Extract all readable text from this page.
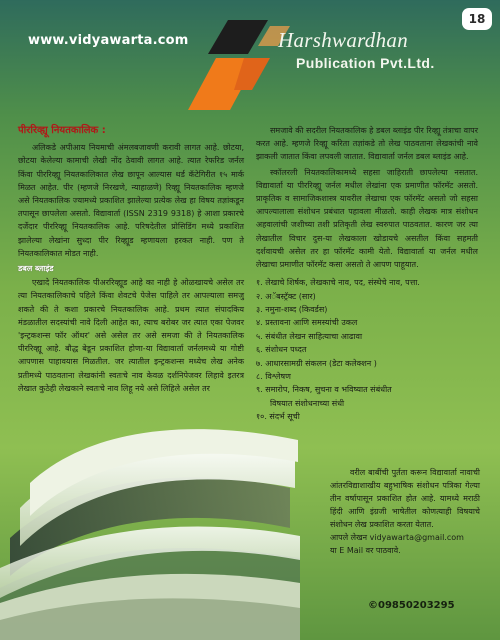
www.vidyawarta.com
18
Harshwardhan
Publication Pvt.Ltd.
पीररिव्ह्यू नियतकालिक :

अलिकडे अपीआय नियमाची अंमलबजावणी करावी लागत आहे. छोटया, छोटया केलेल्या कामाची लेखी नोंद ठेवावी लागत आहे. त्यात रेफरिड जर्नल किंवा पीररिव्ह्यू नियतकालिकात लेख छापून आल्यास थर्ड कॅटेगिरीत १५ मार्क मिळत आहेत. पीर (म्हणजे निरखणे, न्याहाळणे) रिव्ह्यू नियतकालिक म्हणजे असे नियतकालिक ज्यामध्ये प्रकाशित झालेल्या प्रत्येक लेख हा विषय तज्ञांकडून तपासून छापलेला असतो. विद्यावार्ता (ISSN 2319 9318) हे आशा प्रकारचे दर्जेदार पीररिव्ह्यू नियतकालिक आहे. परिषदेतील प्रोसिडिंग मध्ये प्रकाशित झालेल्या लेखांना सुध्दा पीर रिव्ह्यूड म्हणायला हरकत नाही. पण ते नियतकालिकात मोडत नाही.

डबल ब्लाइंड

एखादे नियतकालिक पीअररिव्ह्यूड आहे का नाही हे ओळखायचे असेल तर त्या नियतकालिकाचे पहिले किंवा शेवटचे पेजेस पाहिले तर आपल्याला समजु शकते की ते कशा प्रकारचे नियतकालिक आहे. प्रथम त्यात संपादकिय मंडळातील सदस्यांची नावे दिली आहेत का, त्याच बरोबर जर त्यात एका पेजवर 'इन्ट्रकशन्स फॉर ऑथर' असे असेल तर असे समजा की ते नियतकालिक पीररिव्ह्यू आहे. बौद्ध बेडून प्रकाशित होणा-या विद्यावार्ता जर्नलमध्ये या गोष्टी आपणास पाहावयास मिळतील. जर त्यातील इन्ट्रकशन्स मध्येच लेख अनेक प्रतीमध्ये पाठवताना लेखकांनी स्वतःचे नाव केवळ दर्शनिपेजवर लिहावे इतरत्र लेखात कुठेही लेखकाने स्वतःचे नाव लिहू नये असे लिहिले असेल तर

समजावे की सदरील नियतकालिक हे डबल ब्लाइंड पीर रिव्ह्यू तंत्राचा वापर करत आहे. म्हणजे रिव्ह्यू करिता तज्ञांकडे तो लेख पाठवताना लेखकांची नावे झाकली जातात किंवा लपवली जातात. विद्यावार्ता जर्नल डबल ब्लाइंड आहे.

स्कॉलरली नियतकालिकामध्ये सहसा जाहिराती छापलेल्या नसतात. विद्यावार्ता या पीररिव्ह्यू जर्नल मधील लेखांना एक प्रमाणीत फॉरमॅट असतो. प्राकृतिक व सामाजिकशास्त्र यावरील लेखाचा एक फॉरमॅट असतो जो सहसा आपल्यालाला संशोधन प्रबंधात पहावला मीळतो. काही लेखक मात्र संशोधन अहवालांची जशीच्या तशी प्रतिकृती लेख स्वरुपात पाठवतात. कारण जर त्या लेखातील विचार दुस-या लेखकाला खोडायचे असतील किंवा सहमती दर्शवायची असेल तर हा फॉरमॅट कामी येतो. विद्यावार्ता या जर्नल मधील लेखाचा प्रमाणीत फॉरमॅट कसा असतो ते आपण पाहूयात.

१. लेखाचे शिर्षक, लेखकाचे नाव, पद, संस्थेचे नाव, पत्ता.
२. अॅबस्ट्रॅक्ट (सार)
३. नमुना-शब्द (किवर्डस)
४. प्रस्तावना आणि समस्यांची उकल
५. संबंधीत लेखन साहित्याचा आढावा
६. संशोधन पध्दत
७. आधारसामग्री संकलन (डेटा कलेक्शन )
८. विश्लेषण
९. समारोप, निकष, सुचना व भविष्यात संबंधीत
विषयात संशोधनाच्या संधी
१०. संदर्भ सूची

वरील बाबींची पुर्तता करून विद्यावार्ता नावाची आंतरविद्याशाखीय बहुभाषिक संशोधन पत्रिका गेल्या तीन वर्षापासून प्रकाशित होत आहे. यामध्ये मराठी हिंदी आणि इंग्रजी भाषेतील कोणत्याही विषयाचे संशोधन लेख प्रकाशित करता येतात.

आपले लेखन vidyawarta@gmail.com

या E Mail वर पाठवावे.

©09850203295
